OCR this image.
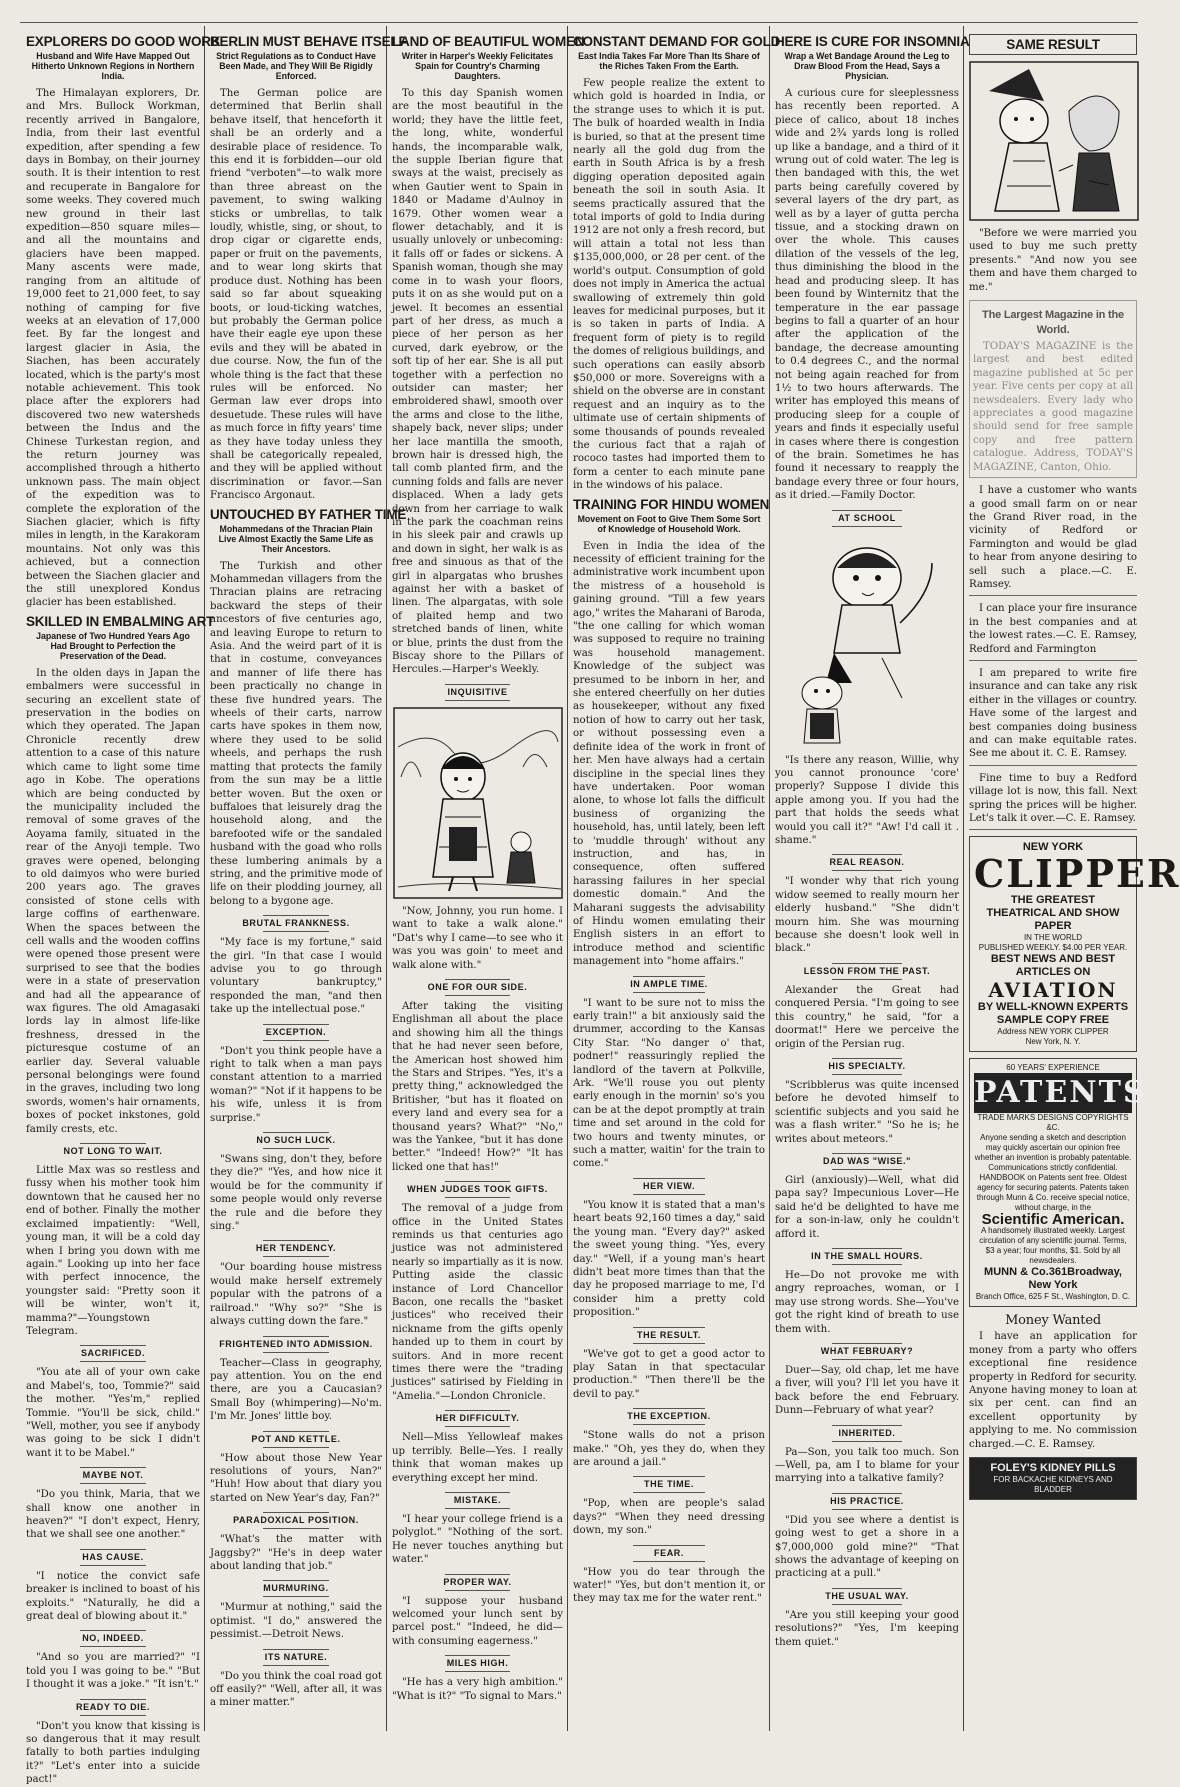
EXPLORERS DO GOOD WORK
Husband and Wife Have Mapped Out Hitherto Unknown Regions in Northern India.

The Himalayan explorers, Dr. and Mrs. Bullock Workman, recently arrived in Bangalore, India, from their last eventful expedition, after spending a few days in Bombay, on their journey south. It is their intention to rest and recuperate in Bangalore for some weeks. They covered much new ground in their last expedition—850 square miles—and all the mountains and glaciers have been mapped. Many ascents were made, ranging from an altitude of 19,000 feet to 21,000 feet, to say nothing of camping for five weeks at an elevation of 17,000 feet. By far the longest and largest glacier in Asia, the Siachen, has been accurately located, which is the party's most notable achievement. This took place after the explorers had discovered two new watersheds between the Indus and the Chinese Turkestan region, and the return journey was accomplished through a hitherto unknown pass. The main object of the expedition was to complete the exploration of the Siachen glacier, which is fifty miles in length, in the Karakoram mountains. Not only was this achieved, but a connection between the Siachen glacier and the still unexplored Kondus glacier has been established.

SKILLED IN EMBALMING ART
Japanese of Two Hundred Years Ago Had Brought to Perfection the Preservation of the Dead.

In the olden days in Japan the embalmers were successful in securing an excellent state of preservation in the bodies on which they operated. The Japan Chronicle recently drew attention to a case of this nature which came to light some time ago in Kobe. The operations which are being conducted by the municipality included the removal of some graves of the Aoyama family, situated in the rear of the Anyoji temple. Two graves were opened, belonging to old daimyos who were buried 200 years ago. The graves consisted of stone cells with large coffins of earthenware. When the spaces between the cell walls and the wooden coffins were opened those present were surprised to see that the bodies were in a state of preservation and had all the appearance of wax figures. The old Amagasaki lords lay in almost life-like freshness, dressed in the picturesque costume of an earlier day. Several valuable personal belongings were found in the graves, including two long swords, women's hair ornaments, boxes of pocket inkstones, gold family crests, etc.

NOT LONG TO WAIT.

Little Max was so restless and fussy when his mother took him downtown that he caused her no end of bother. Finally the mother exclaimed impatiently: "Well, young man, it will be a cold day when I bring you down with me again." Looking up into her face with perfect innocence, the youngster said: "Pretty soon it will be winter, won't it, mamma?"—Youngstown Telegram.

SACRIFICED.

"You ate all of your own cake and Mabel's, too, Tommie?" said the mother. "Yes'm," replied Tommie. "You'll be sick, child." "Well, mother, you see if anybody was going to be sick I didn't want it to be Mabel."

MAYBE NOT.

"Do you think, Maria, that we shall know one another in heaven?" "I don't expect, Henry, that we shall see one another."

HAS CAUSE.

"I notice the convict safe breaker is inclined to boast of his exploits." "Naturally, he did a great deal of blowing about it."

NO, INDEED.

"And so you are married?" "I told you I was going to be." "But I thought it was a joke." "It isn't."

READY TO DIE.

"Don't you know that kissing is so dangerous that it may result fatally to both parties indulging it?" "Let's enter into a suicide pact!"

BERLIN MUST BEHAVE ITSELF
Strict Regulations as to Conduct Have Been Made, and They Will Be Rigidly Enforced.

The German police are determined that Berlin shall behave itself, that henceforth it shall be an orderly and a desirable place of residence. To this end it is forbidden—our old friend "verboten"—to walk more than three abreast on the pavement, to swing walking sticks or umbrellas, to talk loudly, whistle, sing, or shout, to drop cigar or cigarette ends, paper or fruit on the pavements, and to wear long skirts that produce dust. Nothing has been said so far about squeaking boots, or loud-ticking watches, but probably the German police have their eagle eye upon these evils and they will be abated in due course. Now, the fun of the whole thing is the fact that these rules will be enforced. No German law ever drops into desuetude. These rules will have as much force in fifty years' time as they have today unless they shall be categorically repealed, and they will be applied without discrimination or favor.—San Francisco Argonaut.

UNTOUCHED BY FATHER TIME
Mohammedans of the Thracian Plain Live Almost Exactly the Same Life as Their Ancestors.

The Turkish and other Mohammedan villagers from the Thracian plains are retracing backward the steps of their ancestors of five centuries ago, and leaving Europe to return to Asia. And the weird part of it is that in costume, conveyances and manner of life there has been practically no change in these five hundred years. The wheels of their carts, narrow carts have spokes in them now, where they used to be solid wheels, and perhaps the rush matting that protects the family from the sun may be a little better woven. But the oxen or buffaloes that leisurely drag the household along, and the barefooted wife or the sandaled husband with the goad who rolls these lumbering animals by a string, and the primitive mode of life on their plodding journey, all belong to a bygone age.

BRUTAL FRANKNESS.

"My face is my fortune," said the girl. "In that case I would advise you to go through voluntary bankruptcy," responded the man, "and then take up the intellectual pose."

EXCEPTION.

"Don't you think people have a right to talk when a man pays constant attention to a married woman?" "Not if it happens to be his wife, unless it is from surprise."

NO SUCH LUCK.

"Swans sing, don't they, before they die?" "Yes, and how nice it would be for the community if some people would only reverse the rule and die before they sing."

HER TENDENCY.

"Our boarding house mistress would make herself extremely popular with the patrons of a railroad." "Why so?" "She is always cutting down the fare."

FRIGHTENED INTO ADMISSION.

Teacher—Class in geography, pay attention. You on the end there, are you a Caucasian? Small Boy (whimpering)—No'm. I'm Mr. Jones' little boy.

POT AND KETTLE.

"How about those New Year resolutions of yours, Nan?" "Huh! How about that diary you started on New Year's day, Fan?"

PARADOXICAL POSITION.

"What's the matter with Jaggsby?" "He's in deep water about landing that job."

MURMURING.

"Murmur at nothing," said the optimist. "I do," answered the pessimist.—Detroit News.

ITS NATURE.

"Do you think the coal road got off easily?" "Well, after all, it was a miner matter."

LAND OF BEAUTIFUL WOMEN
Writer in Harper's Weekly Felicitates Spain for Country's Charming Daughters.

To this day Spanish women are the most beautiful in the world; they have the little feet, the long, white, wonderful hands, the incomparable walk, the supple Iberian figure that sways at the waist, precisely as when Gautier went to Spain in 1840 or Madame d'Aulnoy in 1679. Other women wear a flower detachably, and it is usually unlovely or unbecoming: it falls off or fades or sickens. A Spanish woman, though she may come in to wash your floors, puts it on as she would put on a jewel. It becomes an essential part of her dress, as much a piece of her person as her curved, dark eyebrow, or the soft tip of her ear. She is all put together with a perfection no outsider can master; her embroidered shawl, smooth over the arms and close to the lithe, shapely back, never slips; under her lace mantilla the smooth, brown hair is dressed high, the tall comb planted firm, and the cunning folds and falls are never displaced. When a lady gets down from her carriage to walk in the park the coachman reins in his sleek pair and crawls up and down in sight, her walk is as free and sinuous as that of the girl in alpargatas who brushes against her with a basket of linen. The alpargatas, with sole of plaited hemp and two stretched bands of linen, white or blue, prints the dust from the Biscay shore to the Pillars of Hercules.—Harper's Weekly.

INQUISITIVE

"Now, Johnny, you run home. I want to take a walk alone." "Dat's why I came—to see who it was you was goin' to meet and walk alone with."

ONE FOR OUR SIDE.

After taking the visiting Englishman all about the place and showing him all the things that he had never seen before, the American host showed him the Stars and Stripes. "Yes, it's a pretty thing," acknowledged the Britisher, "but has it floated on every land and every sea for a thousand years? What?" "No," was the Yankee, "but it has done better." "Indeed! How?" "It has licked one that has!"

WHEN JUDGES TOOK GIFTS.

The removal of a judge from office in the United States reminds us that centuries ago justice was not administered nearly so impartially as it is now. Putting aside the classic instance of Lord Chancellor Bacon, one recalls the "basket justices" who received their nickname from the gifts openly handed up to them in court by suitors. And in more recent times there were the "trading justices" satirised by Fielding in "Amelia."—London Chronicle.

HER DIFFICULTY.

Nell—Miss Yellowleaf makes up terribly. Belle—Yes. I really think that woman makes up everything except her mind.

MISTAKE.

"I hear your college friend is a polyglot." "Nothing of the sort. He never touches anything but water."

PROPER WAY.

"I suppose your husband welcomed your lunch sent by parcel post." "Indeed, he did—with consuming eagerness."

MILES HIGH.

"He has a very high ambition." "What is it?" "To signal to Mars."

CONSTANT DEMAND FOR GOLD
East India Takes Far More Than Its Share of the Riches Taken From the Earth.

Few people realize the extent to which gold is hoarded in India, or the strange uses to which it is put. The bulk of hoarded wealth in India is buried, so that at the present time nearly all the gold dug from the earth in South Africa is by a fresh digging operation deposited again beneath the soil in south Asia. It seems practically assured that the total imports of gold to India during 1912 are not only a fresh record, but will attain a total not less than $135,000,000, or 28 per cent. of the world's output. Consumption of gold does not imply in America the actual swallowing of extremely thin gold leaves for medicinal purposes, but it is so taken in parts of India. A frequent form of piety is to regild the domes of religious buildings, and such operations can easily absorb $50,000 or more. Sovereigns with a shield on the obverse are in constant request and an inquiry as to the ultimate use of certain shipments of some thousands of pounds revealed the curious fact that a rajah of rococo tastes had imported them to form a center to each minute pane in the windows of his palace.

TRAINING FOR HINDU WOMEN
Movement on Foot to Give Them Some Sort of Knowledge of Household Work.

Even in India the idea of the necessity of efficient training for the administrative work incumbent upon the mistress of a household is gaining ground. "Till a few years ago," writes the Maharani of Baroda, "the one calling for which woman was supposed to require no training was household management. Knowledge of the subject was presumed to be inborn in her, and she entered cheerfully on her duties as housekeeper, without any fixed notion of how to carry out her task, or without possessing even a definite idea of the work in front of her. Men have always had a certain discipline in the special lines they have undertaken. Poor woman alone, to whose lot falls the difficult business of organizing the household, has, until lately, been left to 'muddle through' without any instruction, and has, in consequence, often suffered harassing failures in her special domestic domain." And the Maharani suggests the advisability of Hindu women emulating their English sisters in an effort to introduce method and scientific management into "home affairs."

IN AMPLE TIME.

"I want to be sure not to miss the early train!" a bit anxiously said the drummer, according to the Kansas City Star. "No danger o' that, podner!" reassuringly replied the landlord of the tavern at Polkville, Ark. "We'll rouse you out plenty early enough in the mornin' so's you can be at the depot promptly at train time and set around in the cold for two hours and twenty minutes, or such a matter, waitin' for the train to come."

HER VIEW.

"You know it is stated that a man's heart beats 92,160 times a day," said the young man. "Every day?" asked the sweet young thing. "Yes, every day." "Well, if a young man's heart didn't beat more times than that the day he proposed marriage to me, I'd consider him a pretty cold proposition."

THE RESULT.

"We've got to get a good actor to play Satan in that spectacular production." "Then there'll be the devil to pay."

THE EXCEPTION.

"Stone walls do not a prison make." "Oh, yes they do, when they are around a jail."

THE TIME.

"Pop, when are people's salad days?" "When they need dressing down, my son."

FEAR.

"How you do tear through the water!" "Yes, but don't mention it, or they may tax me for the water rent."

HERE IS CURE FOR INSOMNIA
Wrap a Wet Bandage Around the Leg to Draw Blood From the Head, Says a Physician.

A curious cure for sleeplessness has recently been reported. A piece of calico, about 18 inches wide and 2¾ yards long is rolled up like a bandage, and a third of it wrung out of cold water. The leg is then bandaged with this, the wet parts being carefully covered by several layers of the dry part, as well as by a layer of gutta percha tissue, and a stocking drawn on over the whole. This causes dilation of the vessels of the leg, thus diminishing the blood in the head and producing sleep. It has been found by Winternitz that the temperature in the ear passage begins to fall a quarter of an hour after the application of the bandage, the decrease amounting to 0.4 degrees C., and the normal not being again reached for from 1½ to two hours afterwards. The writer has employed this means of producing sleep for a couple of years and finds it especially useful in cases where there is congestion of the brain. Sometimes he has found it necessary to reapply the bandage every three or four hours, as it dried.—Family Doctor.

AT SCHOOL

"Is there any reason, Willie, why you cannot pronounce 'core' properly? Suppose I divide this apple among you. If you had the part that holds the seeds what would you call it?" "Aw! I'd call it . shame."

REAL REASON.

"I wonder why that rich young widow seemed to really mourn her elderly husband." "She didn't mourn him. She was mourning because she doesn't look well in black."

LESSON FROM THE PAST.

Alexander the Great had conquered Persia. "I'm going to see this country," he said, "for a doormat!" Here we perceive the origin of the Persian rug.

HIS SPECIALTY.

"Scribblerus was quite incensed before he devoted himself to scientific subjects and you said he was a flash writer." "So he is; he writes about meteors."

DAD WAS "WISE."

Girl (anxiously)—Well, what did papa say? Impecunious Lover—He said he'd be delighted to have me for a son-in-law, only he couldn't afford it.

IN THE SMALL HOURS.

He—Do not provoke me with angry reproaches, woman, or I may use strong words. She—You've got the right kind of breath to use them with.

WHAT FEBRUARY?

Duer—Say, old chap, let me have a fiver, will you? I'll let you have it back before the end February. Dunn—February of what year?

INHERITED.

Pa—Son, you talk too much. Son—Well, pa, am I to blame for your marrying into a talkative family?

HIS PRACTICE.

"Did you see where a dentist is going west to get a shore in a $7,000,000 gold mine?" "That shows the advantage of keeping on practicing at a pull."

THE USUAL WAY.

"Are you still keeping your good resolutions?" "Yes, I'm keeping them quiet."

SAME RESULT

"Before we were married you used to buy me such pretty presents." "And now you see them and have them charged to me."

The Largest Magazine in the World.

TODAY'S MAGAZINE is the largest and best edited magazine published at 5c per year. Five cents per copy at all newsdealers. Every lady who appreciates a good magazine should send for free sample copy and free pattern catalogue. Address, TODAY'S MAGAZINE, Canton, Ohio.

I have a customer who wants a good small farm on or near the Grand River road, in the vicinity of Redford or Farmington and would be glad to hear from anyone desiring to sell such a place.—C. E. Ramsey.

I can place your fire insurance in the best companies and at the lowest rates.—C. E. Ramsey, Redford and Farmington

I am prepared to write fire insurance and can take any risk either in the villages or country. Have some of the largest and best companies doing business and can make equitable rates. See me about it. C. E. Ramsey.

Fine time to buy a Redford village lot is now, this fall. Next spring the prices will be higher. Let's talk it over.—C. E. Ramsey.

NEW YORK
CLIPPER
THE GREATEST
THEATRICAL AND SHOW PAPER
IN THE WORLD
PUBLISHED WEEKLY. $4.00 PER YEAR.
BEST NEWS AND BEST ARTICLES ON
AVIATION
BY WELL-KNOWN EXPERTS
SAMPLE COPY FREE
Address NEW YORK CLIPPER
New York, N. Y.
60 YEARS' EXPERIENCE
PATENTS
TRADE MARKS DESIGNS COPYRIGHTS &C.
Anyone sending a sketch and description may quickly ascertain our opinion free whether an invention is probably patentable. Communications strictly confidential. HANDBOOK on Patents sent free. Oldest agency for securing patents. Patents taken through Munn & Co. receive special notice, without charge, in the
Scientific American.
A handsomely illustrated weekly. Largest circulation of any scientific journal. Terms, $3 a year; four months, $1. Sold by all newsdealers.
MUNN & Co.361Broadway, New York
Branch Office, 625 F St., Washington, D. C.
Money Wanted

I have an application for money from a party who offers exceptional fine residence property in Redford for security. Anyone having money to loan at six per cent. can find an excellent opportunity by applying to me. No commission charged.—C. E. Ramsey.

FOLEY'S KIDNEY PILLS
FOR BACKACHE KIDNEYS AND BLADDER
